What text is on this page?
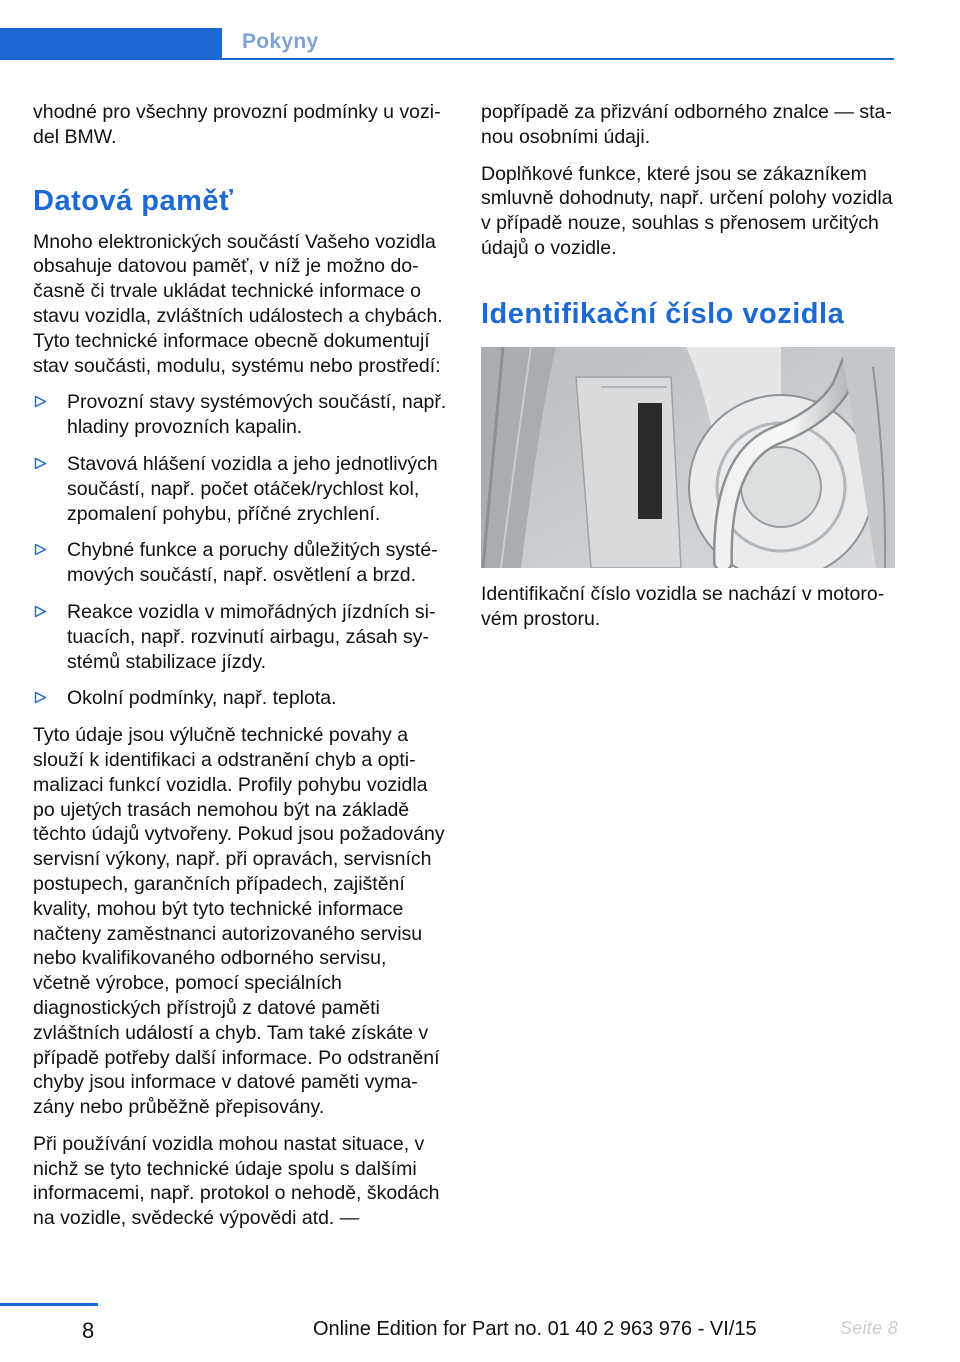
Pokyny

vhodné pro všechny provozní podmínky u vozidel BMW.

Datová paměť

Mnoho elektronických součástí Vašeho vozidla obsahuje datovou paměť, v níž je možno dočasně či trvale ukládat technické informace o stavu vozidla, zvláštních událostech a chybách. Tyto technické informace obecně dokumentují stav součásti, modulu, systému nebo prostředí:

Provozní stavy systémových součástí, např. hladiny provozních kapalin.
Stavová hlášení vozidla a jeho jednotlivých součástí, např. počet otáček/rychlost kol, zpomalení pohybu, příčné zrychlení.
Chybné funkce a poruchy důležitých systémových součástí, např. osvětlení a brzd.
Reakce vozidla v mimořádných jízdních situacích, např. rozvinutí airbagu, zásah systémů stabilizace jízdy.
Okolní podmínky, např. teplota.

Tyto údaje jsou výlučně technické povahy a slouží k identifikaci a odstranění chyb a optimalizaci funkcí vozidla. Profily pohybu vozidla po ujetých trasách nemohou být na základě těchto údajů vytvořeny. Pokud jsou požadovány servisní výkony, např. při opravách, servisních postupech, garančních případech, zajištění kvality, mohou být tyto technické informace načteny zaměstnanci autorizovaného servisu nebo kvalifikovaného odborného servisu, včetně výrobce, pomocí speciálních diagnostických přístrojů z datové paměti zvláštních událostí a chyb. Tam také získáte v případě potřeby další informace. Po odstranění chyby jsou informace v datové paměti vymazány nebo průběžně přepisovány.

Při používání vozidla mohou nastat situace, v nichž se tyto technické údaje spolu s dalšími informacemi, např. protokol o nehodě, škodách na vozidle, svědecké výpovědi atd. —

popřípadě za přizvání odborného znalce — stanou osobními údaji.

Doplňkové funkce, které jsou se zákazníkem smluvně dohodnuty, např. určení polohy vozidla v případě nouze, souhlas s přenosem určitých údajů o vozidle.

Identifikační číslo vozidla

Identifikační číslo vozidla se nachází v motorovém prostoru.

8	Online Edition for Part no. 01 40 2 963 976 - VI/15	Seite 8
